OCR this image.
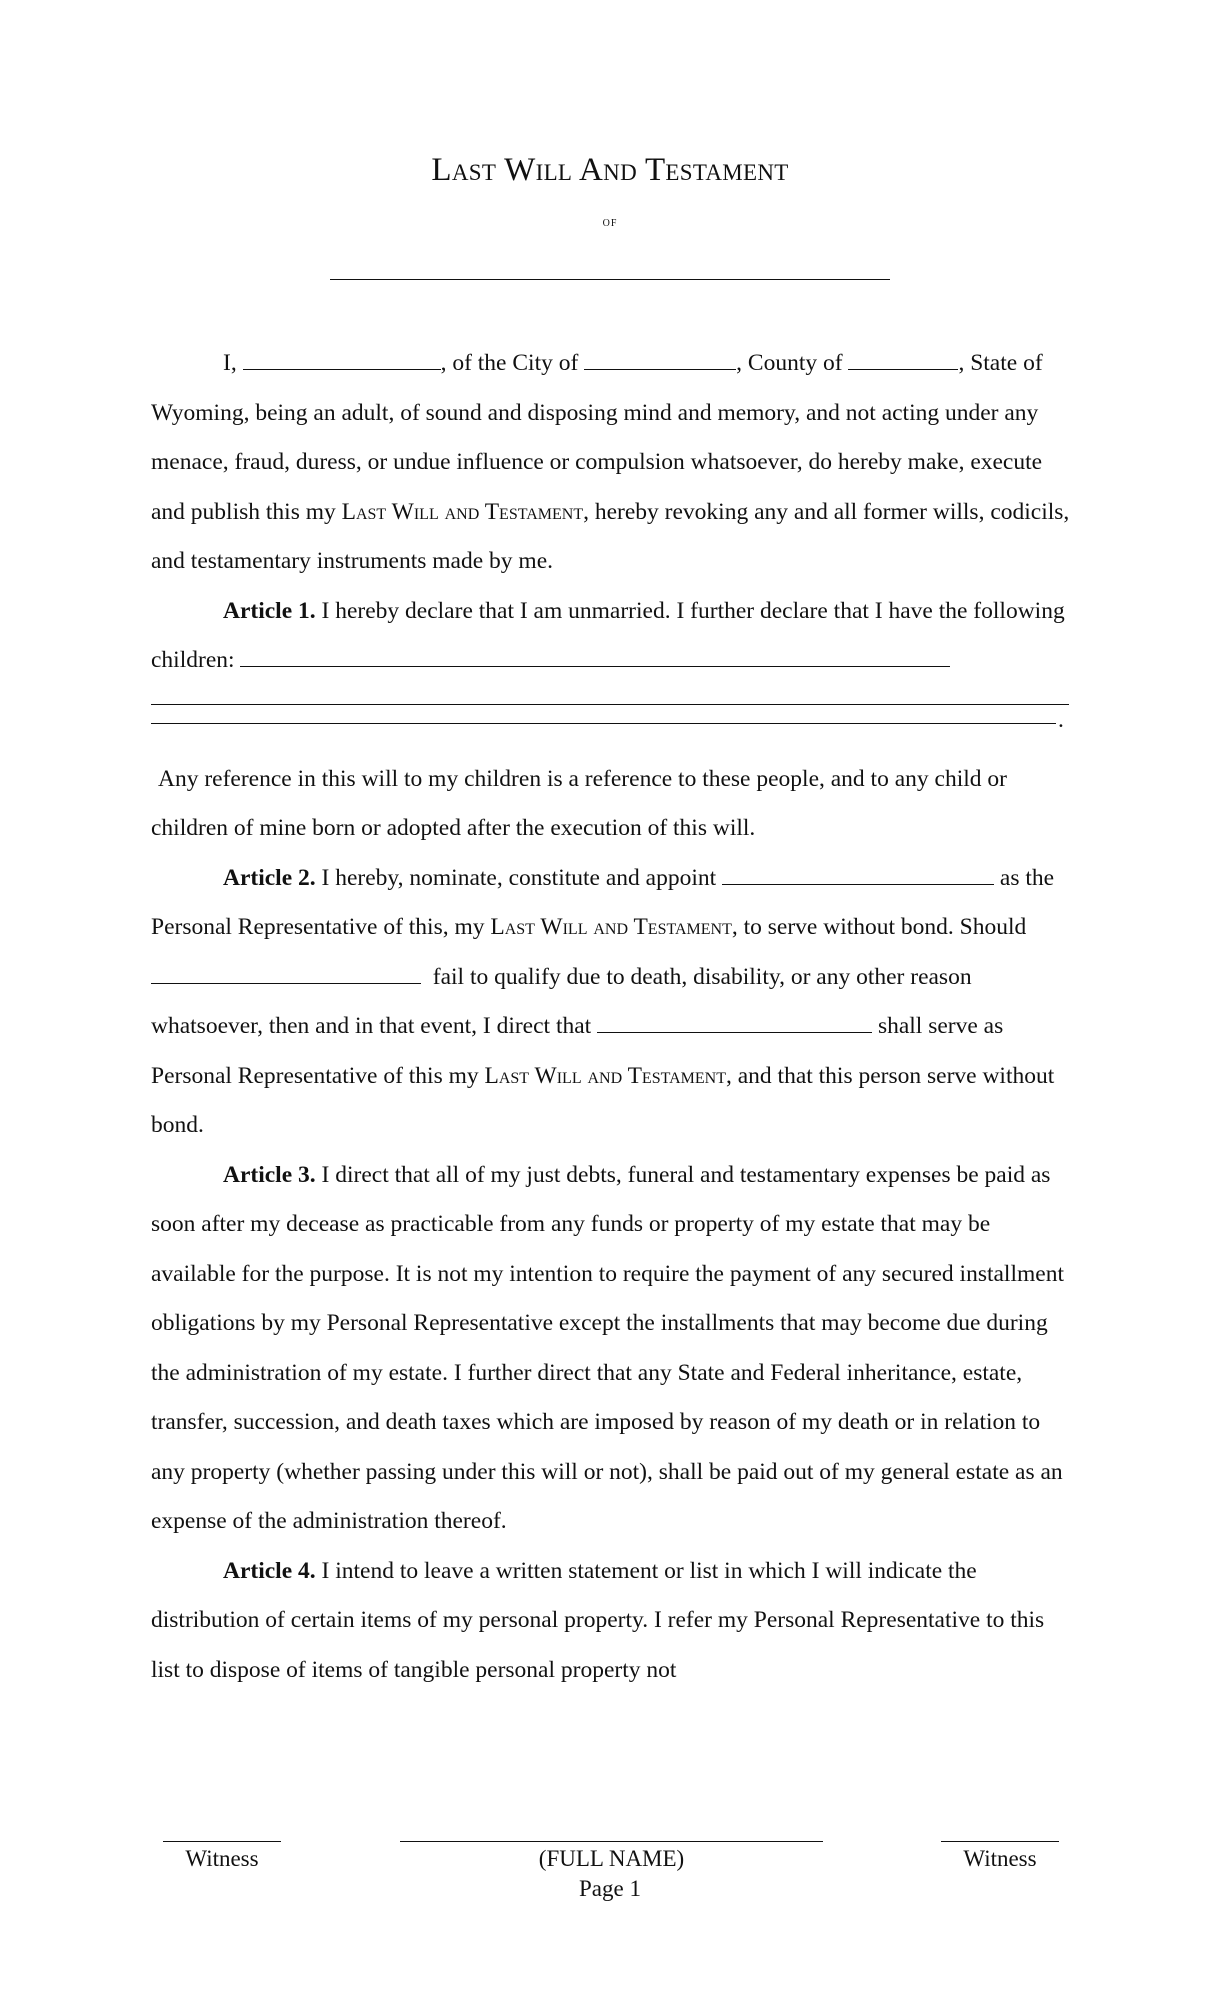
Last Will And Testament
of

I,	, of the City of	, County of	, State of Wyoming, being an adult, of sound and disposing mind and memory, and not acting under any menace, fraud, duress, or undue influence or compulsion whatsoever, do hereby make, execute and publish this my Last Will and Testament, hereby revoking any and all former wills, codicils, and testamentary instruments made by me.

Article 1. I hereby declare that I am unmarried. I further declare that I have the following children:

.

Any reference in this will to my children is a reference to these people, and to any child or children of mine born or adopted after the execution of this will.

Article 2. I hereby, nominate, constitute and appoint	as the Personal Representative of this, my Last Will and Testament, to serve without bond. Should   fail to qualify due to death, disability, or any other reason whatsoever, then and in that event, I direct that	shall serve as Personal Representative of this my Last Will and Testament, and that this person serve without bond.

Article 3. I direct that all of my just debts, funeral and testamentary expenses be paid as soon after my decease as practicable from any funds or property of my estate that may be available for the purpose. It is not my intention to require the payment of any secured installment obligations by my Personal Representative except the installments that may become due during the administration of my estate. I further direct that any State and Federal inheritance, estate, transfer, succession, and death taxes which are imposed by reason of my death or in relation to any property (whether passing under this will or not), shall be paid out of my general estate as an expense of the administration thereof.

Article 4. I intend to leave a written statement or list in which I will indicate the distribution of certain items of my personal property. I refer my Personal Representative to this list to dispose of items of tangible personal property not

Witness	(FULL NAME)	Witness
Page 1
